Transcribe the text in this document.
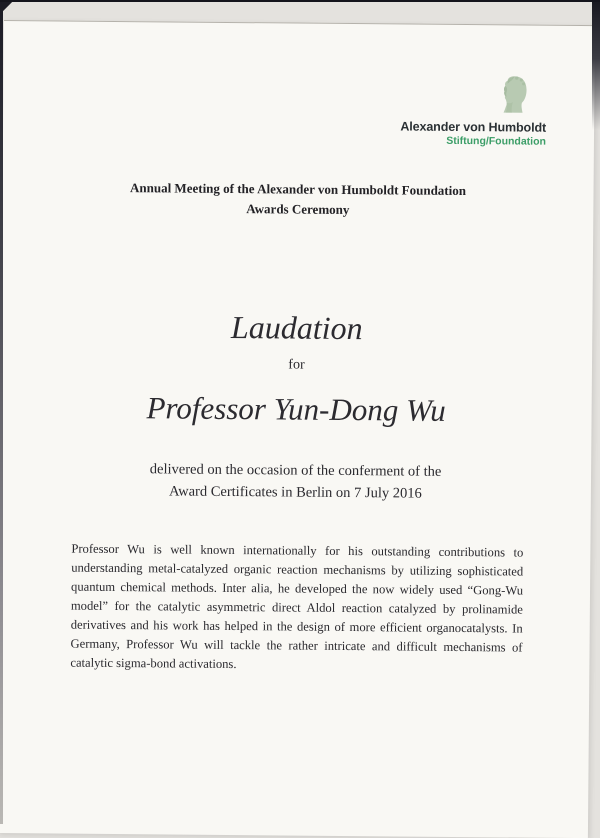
Alexander von Humboldt
Stiftung/Foundation
Annual Meeting of the Alexander von Humboldt Foundation
Awards Ceremony
Laudation
for
Professor Yun-Dong Wu
delivered on the occasion of the conferment of the
Award Certificates in Berlin on 7 July 2016
Professor Wu is well known internationally for his outstanding contributions to understanding metal-catalyzed organic reaction mechanisms by utilizing sophisticated quantum chemical methods. Inter alia, he developed the now widely used “Gong-Wu model” for the catalytic asymmetric direct Aldol reaction catalyzed by prolinamide derivatives and his work has helped in the design of more efficient organocatalysts. In Germany, Professor Wu will tackle the rather intricate and difficult mechanisms of catalytic sigma-bond activations.
